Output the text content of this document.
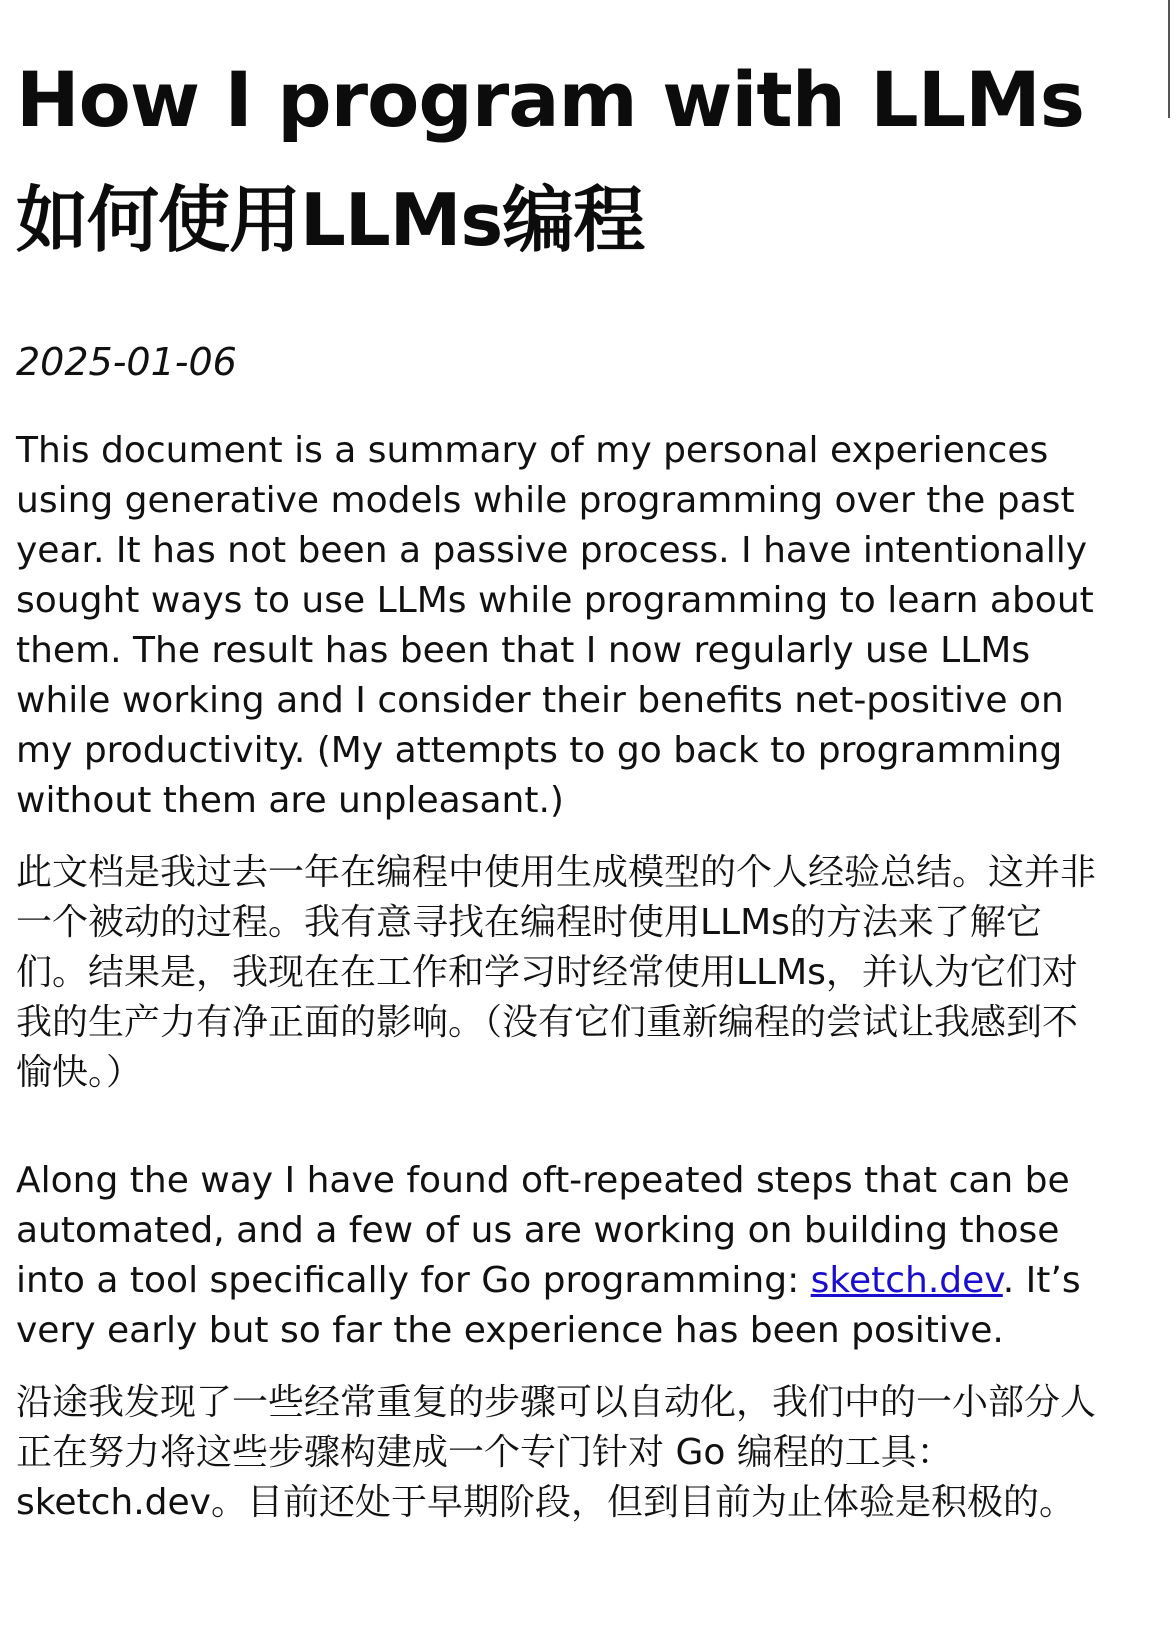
How I program with LLMs
如何使用LLMs编程

2025-01-06

This document is a summary of my personal experiences using generative models while programming over the past year. It has not been a passive process. I have intentionally sought ways to use LLMs while programming to learn about them. The result has been that I now regularly use LLMs while working and I consider their benefits net-positive on my productivity. (My attempts to go back to programming without them are unpleasant.)

此文档是我过去一年在编程中使用生成模型的个人经验总结。这并非一个被动的过程。我有意寻找在编程时使用LLMs的方法来了解它们。结果是，我现在在工作和学习时经常使用LLMs，并认为它们对我的生产力有净正面的影响。（没有它们重新编程的尝试让我感到不愉快。）

Along the way I have found oft-repeated steps that can be automated, and a few of us are working on building those into a tool specifically for Go programming: sketch.dev. It’s very early but so far the experience has been positive.

沿途我发现了一些经常重复的步骤可以自动化，我们中的一小部分人正在努力将这些步骤构建成一个专门针对 Go 编程的工具：sketch.dev。目前还处于早期阶段，但到目前为止体验是积极的。
